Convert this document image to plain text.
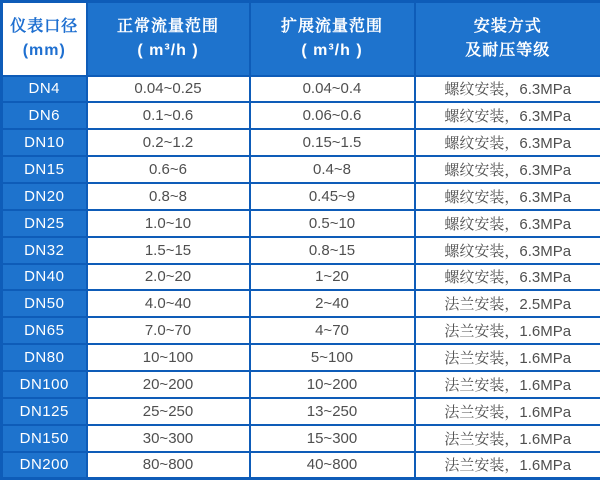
仪表口径
(mm)

正常流量范围
( m³/h )

扩展流量范围
( m³/h )

安装方式
及耐压等级

DN4	0.04~0.25	0.04~0.4	螺纹安装，6.3MPa
DN6	0.1~0.6	0.06~0.6	螺纹安装，6.3MPa
DN10	0.2~1.2	0.15~1.5	螺纹安装，6.3MPa
DN15	0.6~6	0.4~8	螺纹安装，6.3MPa
DN20	0.8~8	0.45~9	螺纹安装，6.3MPa
DN25	1.0~10	0.5~10	螺纹安装，6.3MPa
DN32	1.5~15	0.8~15	螺纹安装，6.3MPa
DN40	2.0~20	1~20	螺纹安装，6.3MPa
DN50	4.0~40	2~40	法兰安装，2.5MPa
DN65	7.0~70	4~70	法兰安装，1.6MPa
DN80	10~100	5~100	法兰安装，1.6MPa
DN100	20~200	10~200	法兰安装，1.6MPa
DN125	25~250	13~250	法兰安装，1.6MPa
DN150	30~300	15~300	法兰安装，1.6MPa
DN200	80~800	40~800	法兰安装，1.6MPa
